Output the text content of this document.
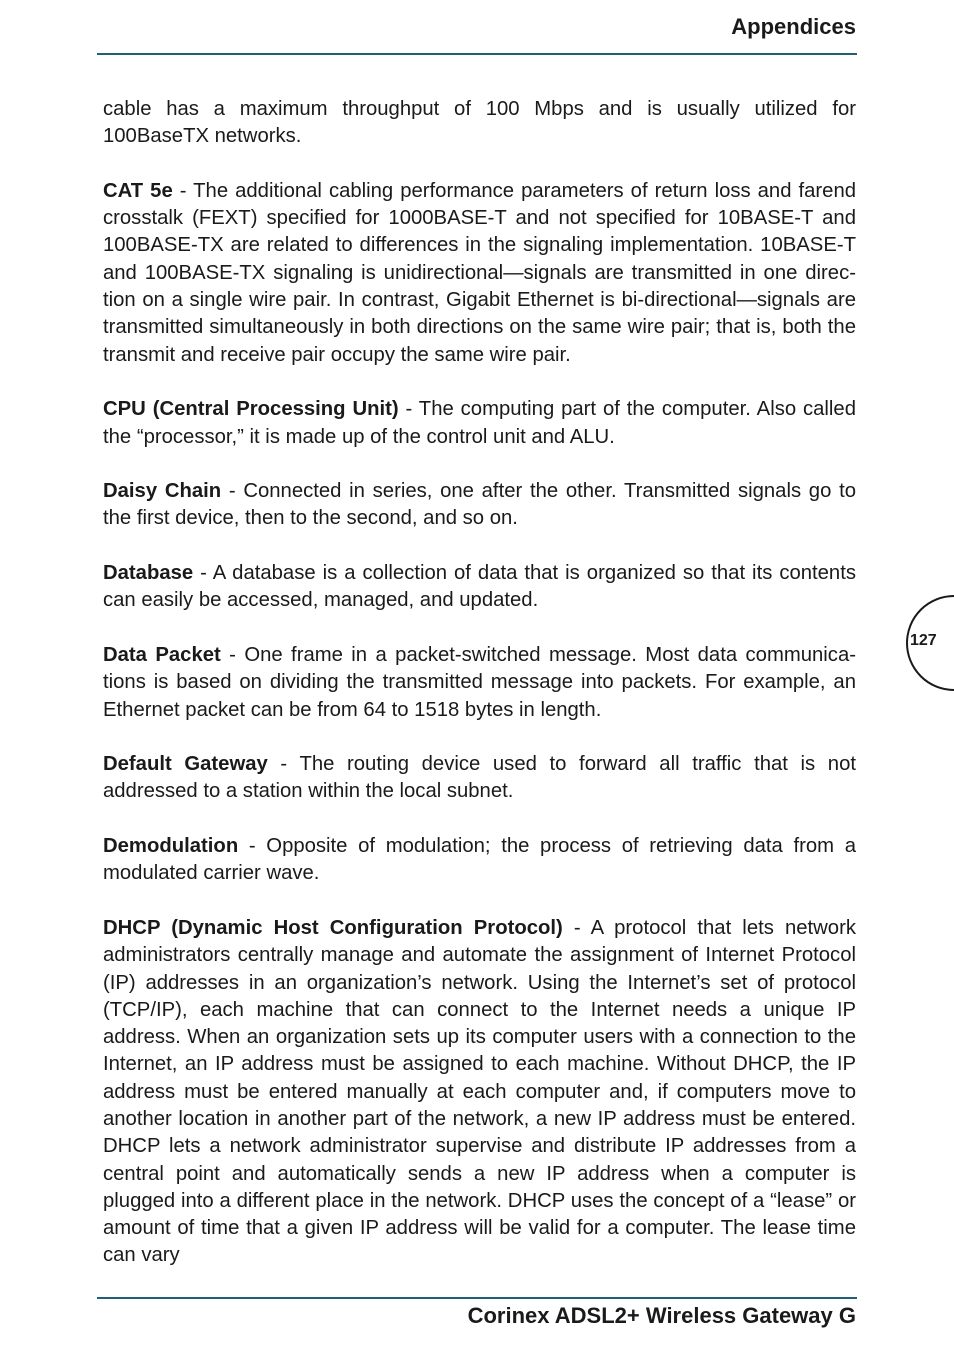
Appendices

cable has a maximum throughput of 100 Mbps and is usually utilized for 100BaseTX networks.

CAT 5e - The additional cabling performance parameters of return loss and farend crosstalk (FEXT) specified for 1000BASE-T and not specified for 10BASE-T and 100BASE-TX are related to differences in the signaling implementation. 10BASE-T and 100BASE-TX signaling is unidirectional—signals are transmitted in one direction on a single wire pair. In contrast, Gigabit Ethernet is bi-directional—signals are transmitted simultaneously in both directions on the same wire pair; that is, both the transmit and receive pair occupy the same wire pair.

CPU (Central Processing Unit) - The computing part of the computer. Also called the “processor,” it is made up of the control unit and ALU.

Daisy Chain - Connected in series, one after the other. Transmitted signals go to the first device, then to the second, and so on.

Database - A database is a collection of data that is organized so that its contents can easily be accessed, managed, and updated.

Data Packet - One frame in a packet-switched message. Most data communications is based on dividing the transmitted message into packets. For example, an Ethernet packet can be from 64 to 1518 bytes in length.

Default Gateway - The routing device used to forward all traffic that is not addressed to a station within the local subnet.

Demodulation - Opposite of modulation; the process of retrieving data from a modulated carrier wave.

DHCP (Dynamic Host Configuration Protocol) - A protocol that lets network administrators centrally manage and automate the assignment of Internet Protocol (IP) addresses in an organization’s network. Using the Internet’s set of protocol (TCP/IP), each machine that can connect to the Internet needs a unique IP address. When an organization sets up its computer users with a connection to the Internet, an IP address must be assigned to each machine. Without DHCP, the IP address must be entered manually at each computer and, if computers move to another location in another part of the network, a new IP address must be entered. DHCP lets a network administrator supervise and distribute IP addresses from a central point and automatically sends a new IP address when a computer is plugged into a different place in the network. DHCP uses the concept of a “lease” or amount of time that a given IP address will be valid for a computer. The lease time can vary

127
Corinex ADSL2+ Wireless Gateway G
